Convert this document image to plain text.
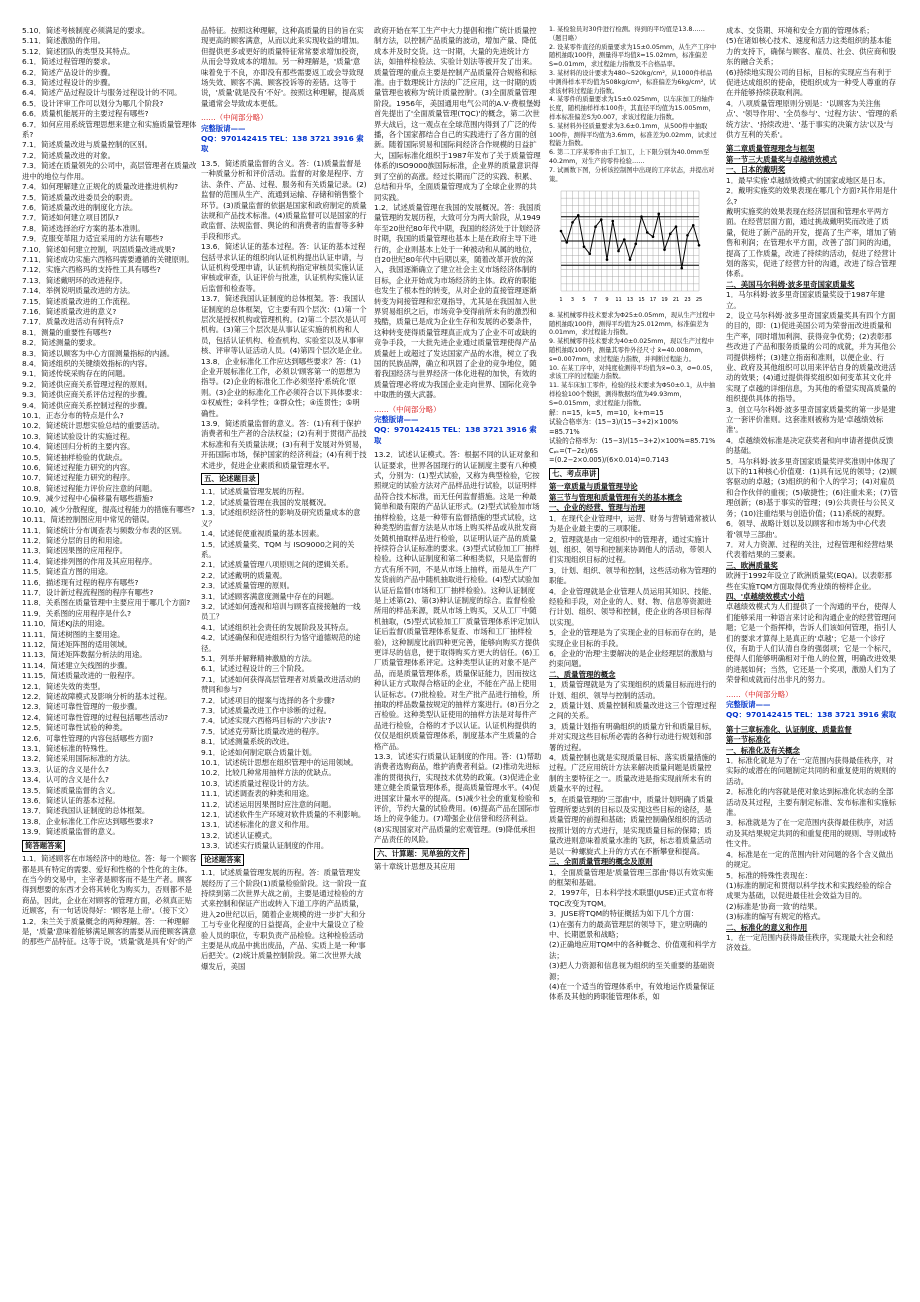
5.10．简述考核制度必须满足的要求。

5.11．简述激励的作用。

5.12．简述团队的类型及其特点。

6.1．简述过程管理的要求。

6.2．简述产品设计的步骤。

6.3．简述过程设计的步骤。

6.4．简述产品过程设计与服务过程设计的不同。

6.5．设计评审工作可以划分为哪几个阶段?

6.6．质量机能展开的主要过程有哪些?

6.7．如何应用系统管理思想来建立和实施质量管理体系?

7.1．简述质量改进与质量控制的区别。

7.2．简述质量改进的对象。

7.3．简述在质量领先的公司中，高层管理者在质量改进中的地位与作用。

7.4．如何理解建立正规化的质量改进推进机构?

7.5．简述质量改进委员会的职责。

7.6．简述质量改进的制度化方法。

7.7．简述如何建立项目团队?

7.8．简述选择治疗方案的基本准则。

7.9．克服变革阻力适宜采用的方法有哪些?

7.10．简述如何建立控制，巩固质量改进成果?

7.11．简述成功实施六西格玛需要遵循的关键原则。

7.12．实施六西格玛的支持性工具有哪些?

7.13．简述戴明环的改进程序。

7.14．举例说明质量改进的方法。

7.15．简述质量改进的工作流程。

7.16．简述质量改进的意义?

7.17．质量改进活动有何特点?

8.1．测量的重要性有哪些?

8.2．简述测量的要求。

8.3．简述以顾客为中心方面测量指标的内涵。

8.4．简述组织的关键绩效指标的内容。

9.1．简述传统采购存在的问题。

9.2．简述供应商关系管理过程的原则。

9.3．简述供应商关系评估过程的步骤。

9.4．简述供应商关系控制过程的步骤。

10.1．正态分布的特点是什么?

10.2．简述统计思想实验总结的重要活动。

10.3．简述试验设计的实施过程。

10.4．简述回归分析的主要内容。

10.5．简述抽样检验的优缺点。

10.6．简述过程能力研究的内容。

10.7．简述过程能力研究的程序。

10.8．简述过程能力评价应注意的问题。

10.9．减少过程中心偏移量有哪些措施?

10.10．减少分散程度，提高过程能力的措施有哪些?

10.11．简述控制图应用中常见的错误。

11.1．简述统计分布调查表与频数分布表的区别。

11.2．简述分层的目的和用途。

11.3．简述因果图的应用程序。

11.4．简述排列图的作用及其应用程序。

11.5．简述直方图的用途。

11.6．描述现有过程的程序有哪些?

11.7．设计新过程流程图的程序有哪些?

11.8．关系图在质量管理中主要应用于哪几个方面?

11.9．关系图的应用程序是什么?

11.10．简述KJ法的用途。

11.11．简述树图的主要用途。

11.12．简述矩阵图的适用领域。

11.13．简述矩阵数据分析法的用途。

11.14．简述建立矢线图的步骤。

11.15．简述质量改进的一般程序。

12.1．简述失效的类型。

12.2．简述故障模式及影响分析的基本过程。

12.3．简述可靠性管理的一般步骤。

12.4．简述可靠性管理的过程包括哪些活动?

12.5．简述可靠性试验的种类。

12.6．可靠性管理的内容包括哪些方面?

13.1．简述标准的特殊性。

13.2．简述采用国际标准的方法。

13.3．认证的含义是什么?

13.4．认可的含义是什么?

13.5．简述质量监督的含义。

13.6．简述认证的基本过程。

13.7．简述我国认证制度的总体框架。

13.8．企业标准化工作应达到哪些要求?

13.9．简述质量监督的意义。

简答题答案

1.1．简述顾客在市场经济中的地位。答：每一个顾客都是具有特定的需要、爱好和性格的个性化的主体。在当今的交易中，主宰者是顾客而不是生产者。顾客得到想要的东西才会将其转化为购买力，否则都不是商品，因此，企业在对顾客的管理方面，必须真正贴近顾客，有一句话说得好：'顾客是上帝'。（接下文）

1.2．朱兰关于质量概念的两种理解。答：一种理解是，'质量'意味着能够满足顾客的需要从而使顾客满意的那些产品特征。这等于说，'质量'就是具有'好'的产

品特征。按照这种理解，这种高质量的目的旨在实现更高的顾客满意，从而以此来实现收益的增加。但提供更多或更好的质量特征常常要求增加投资，从而会导致成本的增加。另一种理解是，'质量'意味着免于不良，亦即没有那些需要返工或会导致现场失效、顾客不满、顾客投诉等的差错。这等于说，'质量'就是没有'不好'。按照这种理解，提高质量通常会导致成本更低。

……（中间部分略）

完整版请——

QQ：970142415 TEL：138 3721 3916 索取

13.5．简述质量监督的含义。答：(1)质量监督是一种质量分析和评价活动。监督的对象是程序、方法、条件、产品、过程、服务和有关质量记录。(2)监督的范围从生产、流通到运输、存储和销售整个环节。(3)质量监督的依据是国家和政府制定的质量法规和产品技术标准。(4)质量监督可以是国家的行政监督、法规监督、舆论的和消费者的监督等多种手段和形式。

13.6．简述认证的基本过程。答：认证的基本过程包括寻求认证的组织向认证机构提出认证申请，与认证机构受理申请，认证机构指定审核员实施认证审核或审查，认证评价与批准，认证机构实施认证后监督和检查等。

13.7．简述我国认证制度的总体框架。答：我国认证制度的总体框架，它主要有四个层次：(1)第一个层次是授权机构或管理机构。(2)第二个层次是认可机构。(3)第三个层次是从事认证实施的机构和人员，包括认证机构、检查机构、实验室以及从事审核、评审等认证活动人员。(4)第四个层次是企业。

13.8．企业标准化工作应达到哪些要求？答：(1)企业开展标准化工作，必须以'顾客第一'的思想为指导。(2)企业的标准化工作必须坚持'系统化'原则。(3)企业的标准化工作必须符合以下具体要求：①权威性；②科学性；③群众性；④连贯性；⑤明确性。

13.9．简述质量监督的意义。答：(1)有利于保护消费者和生产者的合法权益；(2)有利于贯彻产品技术标准和有关质量法规；(3)有利于发展对外贸易，开拓国际市场，保护国家的经济利益；(4)有利于技术进步，促进企业素质和质量管理水平。

五、论述题目录

1.1．试述质量管理发展的历程。

1.2．试述质量管理在我国的发展概况。

1.3．试述组织经济性的影响及研究质量成本的意义？

1.4．试述促使重视质量的基本因素。

1.5．试述质量奖、TQM 与 ISO9000之间的关系。

2.1．试述质量管理八项原则之间的逻辑关系。

2.2．试述戴明的质量观。

2.3．试述质量管理的原则。

3.1．试述顾客满意度测量中存在的问题。

3.2．试述如何透视和培训与顾客直接接触的一线员工？

4.1．试述组织社会责任的发展阶段及其特点。

4.2．试述确保和促进组织行为恪守道德规范的途径。

5.1．列举并解释精神激励的方法。

6.1．试述过程设计的三个阶段。

7.1．试述如何获得高层管理者对质量改进活动的赞同和参与?

7.2．试述项目的提案与选择的各个步骤?

7.3．试述质量改进工作中诊断的过程。

7.4．试述实现六西格玛目标的'六步法'?

7.5．试述克劳斯比质量改进的程序。

8.1．试述测量系统的改进。

9.1．论述如何制定联合质量计划。

10.1．试述统计思想在组织管理中的运用领域。

10.2．比较几种常用抽样方法的优缺点。

10.3．试述质量过程设计的方法。

11.1．试述调查表的种类和用途。

11.2．试述运用因果图时应注意的问题。

12.1．试述软件生产环境对软件质量的不利影响。

13.1．试述标准化的意义和作用。

13.2．试述认证模式。

13.3．试述实行质量认证制度的作用。

论述题答案

1.1．试述质量管理发展的历程。答：质量管理发展经历了三个阶段(1)质量检验阶段。这一阶段一直持续到第二次世界大战之前，主要是通过检验的方式来控制和保证产出或转入下道工序的产品质量，进入20世纪以后，随着企业规模的进一步扩大和分工与专业化程度的日益提高，企业中大量设立了检验人员的职位，专职负责产品检验。这种检验活动主要是从成品中挑出废品，产品、实质上是一种'事后把关'。(2)统计质量控制阶段。第二次世界大战爆发后，美国

政府开始在军工生产中大力提倡和推广统计质量控制方法，以控制产品质量的波动，增加产量、降低成本并及时交货。这一时期，大量的先进统计方法，如抽样检验法、实验计划法等被开发了出来。质量管理的重点主要是控制产品质量符合规格和标准。由于数理统计方法的广泛应用，这一时期的质量管理也被称为'统计质量控制'。(3)全面质量管理阶段。1956年，美国通用电气公司的A.V·费根堡姆首先提出了'全面质量管理(TQC)'的概念，第二次世界大战后，这一观点在全球范围内得到了广泛的传播，各个国家都结合自己的实践进行了各方面的创新。随着国际贸易和国际间经济合作规模的日益扩大，国际标准化组织于1987年发布了关于质量管理体系的ISO9000族国际标准，企业界的质量意识得到了空前的高涨。经过长期而广泛的实践、积累、总结和升华，全面质量管理成为了全球企业界的共同实践。

1.2．试述质量管理在我国的发展概况。答：我国质量管理的发展历程，大致可分为两大阶段，从1949年至20世纪80年代中期，我国的经济处于计划经济时期，我国的质量管理也基本上是在政府主导下进行的，企业则基本上处于一种被动和从属的地位，自20世纪80年代中后期以来，随着改革开放的深入，我国逐渐确立了建立社会主义市场经济体制的目标，企业开始成为市场经济的主体。政府的职能也发生了根本性的转变，从对企业的直接管理逐渐转变为间接管理和宏观指导，尤其是在我国加入世界贸易组织之后，市场竞争变得前所未有的激烈和残酷，质量已是成为企业生存和发展的必要条件，这种转变使得质量管理真正成为了企业不可或缺的竞争手段，一大批先进企业通过质量管理使得产品质量赶上或超过了发达国家产品的水准，树立了我国的民族品牌，确立和巩固了企业的竞争地位，随着我国经济与世界经济一体化进程的加快，有效的质量管理必将成为我国企业走向世界、国际化竞争中取胜的强大武器。

……（中间部分略）

完整版请——

QQ：970142415 TEL：138 3721 3916 索取

13.2．试述认证模式。答：根据不同的认证对象和认证要求，世界各国现行的认证制度主要有八种模式，分别为：(1)型式试验，又称为典型检验，它按照规定的试验方法对产品样品进行试验，以证明样品符合技术标准，而无任何监督措施。这是一种最简单和最有限的产品认证形式。(2)型式试验加市场抽样检验，这是一种带有监督措施的型式试验，这种类型的监督方法是从市场上购买样品或从批发商处随机抽取样品进行检验，以证明认证产品的质量持续符合认证标准的要求。(3)型式试验加工厂抽样检验。这种认证制度和第二种相类似，只是监督的方式有所不同，不是从市场上抽样，而是从生产厂发货前的产品中随机抽取进行检验。(4)型式试验加认证后监督(市场和工厂抽样检验)。这种认证制度是上述第(2)、第(3)种认证制度的综合。监督检验所用的样品来源，既从市场上购买，又从工厂中随机抽取，(5)型式试验加工厂质量管理体系评定加认证后监督(质量管理体系复查、市场和工厂抽样检验)，这种制度比前四种更完善，能够向购买方提供更详尽的信息，便于取得购买方更大的信任。(6)工厂质量管理体系评定。这种类型认证的对象不是产品，而是质量管理体系，质量保证能力，因而按这种认证方式取得合格证的企业，不能在产品上使用认证标志。(7)批检验。对生产批产品进行抽检，所抽取的样品数量按规定的抽样方案进行。(8)百分之百检验。这种类型认证使用的抽样方法是对每件产品进行检验，合格的才予以认证。认证机构提供的仅仅是组织质量管理体系，制度基本产生质量的合格产品。

13.3．试述实行质量认证制度的作用。答：(1)帮助消费者选购商品，维护消费者利益。(2)推动先进标准的贯彻执行，实现技术优势的政策。(3)促进企业建立健全质量管理体系，提高质量管理水平。(4)促进国家计量水平的提高。(5)减少社会的重复检验和评价，节约大量的试验费用。(6)提高产品在国际市场上的竞争能力。(7)增强企业信誉和经济利益。(8)实现国家对产品质量的宏观管理。(9)降低承担产品责任的风险。

六、计算题：见单独的文件

第十章统计思想及其应用

1. 某检验员对30件进行检测。得到的平均值是13.8……（题目略）

2. 设某零件直径的质量要求为15±0.05mm，从生产工序中随机抽取100件，测量得平均值x̄=15.02mm，标准偏差S=0.01mm，求过程能力指数及不合格品率。

3. 某材料的设计要求为480~520kg/cm²，从1000件样品中测得样本平均值为508kg/cm²，标准偏差为6kg/cm²，试求该材料过程能力指数。

4. 某零件的质量要求为15±0.025mm，以车床加工的轴件长度，随机抽样样本100件，其直径平均值为15.005mm，样本标准偏差S为0.007，求该过程能力指数。

5. 某材料外径质量要求为3.6±0.1mm，从500件中抽取100件，测得平均值为3.6mm，标准差为0.02mm，试求过程能力指数。

6. 第二工序某零件由手工加工，上下限分别为40.0mm至40.2mm，对生产的零件检验……

7. 试画数下图，分析该控制图中出现的工序状态，并提出对策。

1 3 5 7 9 11 13 15 17 19 21 23 25

8. 某机械零件技术要求为Φ25±0.05mm，现从生产过程中随机抽取100件，测得平均值为25.012mm，标准偏差为0.01mm，求过程能力指数。

9. 某机械零件技术要求为40±0.025mm，现以生产过程中随机抽取100件，测量其零件外径尺寸 x̄=40.008mm，s=0.007mm，求过程能力指数，并判断过程能力。

10. 在某工序中，对纯度检测得平均值为x̄=0.3，σ=0.05，求该工序的过程能力指数。

11. 某车床加工零件，检验的技术要求为Φ50±0.1，从中抽样检验100个数据，测得数据均值为49.93mm，S=0.015mm，求过程能力指数。

解：n=15，k=5，m=10，k+m=15

试验合格率为：(15−3)/(15−3+2)×100%

=85.71%

试验的合格率为：(15−3)/(15−3+2)×100%=85.71%

Cₚₖ=(T−2ε)/6S

=(0.2−2×0.005)/(6×0.014)=0.7143

七、考点串讲

第一章质量与质量管理导论

第三节与管理和质量管理有关的基本概念

一、企业的经营、管理与治理

1．在现代企业管理中，运营、财务与营销通常被认为是企业最主要的三项职能。

2．管理就是由一定组织中的管理者，通过实施计划、组织、领导和控制来协调他人的活动，带领人们实现组织目标的过程。

3．计划、组织、领导和控制，这些活动称为管理的职能。

4．企业管理就是企业管理人员运用其知识、技能、经验和手段，对企业的人、财、物、信息等资源进行计划、组织、领导和控制，使企业的各项目标得以实现。

5．企业的管理是为了实现企业的目标而存在的，是实现企业目标的手段。

6．企业的'治理'主要解决的是企业经理层的激励与约束问题。

二、质量管理的概念

1．质量管理就是为了实现组织的质量目标而进行的计划、组织、领导与控制的活动。

2．质量计划、质量控制和质量改进这三个管理过程之间的关系。

3．质量计划指有明确组织的质量方针和质量目标，并对实现这些目标所必需的各种行动进行规划和部署的过程。

4．质量控制也就是实现质量目标、落实质量措施的过程。广泛应用统计方法来解决质量问题是质量控制的主要特征之一。质量改进是指实现前所未有的质量水平的过程。

5．在质量管理的'三部曲'中，质量计划明确了质量管理所要达到的目标以及实现这些目标的途径，是质量管理的前提和基础；质量控制确保组织的活动按照计划的方式进行，是实现质量目标的保障；质量改进则意味着质量水准的飞跃，标志着质量活动是以一种螺旋式上升的方式在不断攀登和提高。

三、全面质量管理的概念及原则

1．全面质量管理是'质量管理三部曲'得以有效实施的框架和基础。

2．1997年，日本科学技术联盟(JUSE)正式宣布将TQC改变为TQM。

3．JUSE将TQM的特征概括为如下几个方面：

(1)在强有力的最高管理层的领导下，建立明确的中、长期愿景和战略；

(2)正确地应用TQM中的各种概念、价值观和科学方法；

(3)把人力资源和信息视为组织的至关重要的基础资源；

(4)在一个适当的管理体系中，有效地运作质量保证体系及其他的跨职能管理体系，如

成本、交货期、环境和安全方面的管理体系；

(5)在诸如核心技术、速度和活力这类组织的基本能力的支持下，确保与顾客、雇员、社会、供应商和股东的融合关系；

(6)持续地实现公司的目标，目标的实现应当有利于促进达成组织的使命，使组织成为一种受人尊重的存在并能够持续获取利润。

4．八项质量管理原则分别是：'以顾客为关注焦点'、'领导作用'、'全员参与'、'过程方法'、'管理的系统方法'、'持续改进'、'基于事实的决策方法'以及'与供方互利的关系'。

第二章质量管理理念与框架

第一节三大质量奖与卓越绩效模式

一、日本的戴明奖

1．最早实施'卓越绩效模式'的国家或地区是日本。

2．戴明实施奖的效果表现在哪几个方面?其作用是什么?

戴明实施奖的效果表现在经济层面和管理水平两方面。在经营层面方面，通过挑战戴明奖而改进了质量，促进了新产品的开发，提高了生产率，增加了销售和利润；在管理水平方面，改善了部门间的沟通，提高了工作质量，改进了持续的活动，促进了经营计划的落实，促进了经营方针的沟通，改进了综合管理体系。

二、美国马尔科姆·波多里奇国家质量奖

1．马尔科姆·波多里奇国家质量奖设于1987年建立。

2．设立马尔科姆·波多里奇国家质量奖具有四个方面的目的，即：(1)促进美国公司为荣誉而改进质量和生产率，同时增加利润、获得竞争优势；(2)表彰那些改进了产品和服务质量的公司的成就，并为其他公司提供榜样；(3)建立指南和准则，以便企业、行业、政府及其他组织可以用来评估自身的质量改进活动的效果；(4)通过提供得奖组织如何变革其文化并实现了卓越的详细信息，为其他的希望实现高质量的组织提供具体的指导。

3．创立马尔科姆·波多里奇国家质量奖的第一步是建立一套评价准则。这套准则被称为是'卓越绩效标准'。

4．卓越绩效标准是决定获奖者和向申请者提供反馈的基础。

5．马尔科姆·波多里奇国家质量奖评奖准则中体现了以下的11种核心价值观：(1)具有远见的领导；(2)顾客驱动的卓越；(3)组织的和个人的学习；(4)对雇员和合作伙伴的重视；(5)敏捷性；(6)注重未来；(7)管理创新；(8)基于事实的管理；(9)公共责任与公民义务；(10)注重结果与创造价值；(11)系统的视野。

6．领导、战略计划以及以顾客和市场为中心代表着'领导三部曲'。

7．对人力资源、过程的关注，过程管理和经营结果代表着结果的三要素。

三、欧洲质量奖

欧洲于1992年设立了欧洲质量奖(EQA)。以表彰那些在实施TQM方面取得优秀业绩的榜样企业。

四、'卓越绩效模式'小结

卓越绩效模式为人们提供了一个沟通的平台，使得人们能够采用一种语言来讨论和沟通企业的经营管理问题；它是一个指挥棒，告诉人们该如何管理，指引人们的要求才算得上是真正的'卓越'；它是一个诊疗仪，有助于人们认清自身的强弱项；它是一个标尺，使得人们能够明确相对于他人的位置，明确改进效果的进展如何；当然，它还是一个奖项，激励人们为了荣誉和成就而付出非凡的努力。

……（中间部分略）

完整版请——

QQ：970142415 TEL：138 3721 3916 索取

第十三章标准化、认证制度、质量监督

第一节标准化

一、标准化及有关概念

1．标准化就是为了在一定范围内获得最佳秩序，对实际的或潜在的问题制定共同的和重复使用的规则的活动。

2．标准化的内容就是使对象达到标准化状态的全部活动及其过程，主要有制定标准、发布标准和实施标准。

3．标准就是为了在一定范围内获得最佳秩序，对活动及其结果规定共同的和重复使用的规则、导则或特性文件。

4．标准是在一定的范围内针对问题的各个含义做出的规定。

5．标准的特殊性表现在：

(1)标准的制定和贯彻以科学技术和实践经验的综合成果为基础，以促进最佳社会效益为目的。

(2)标准是'协商一致'的结果。

(3)标准的编写有规定的格式。

二、标准化的意义和作用

1．在一定范围内获得最佳秩序，实现最大社会和经济效益。
